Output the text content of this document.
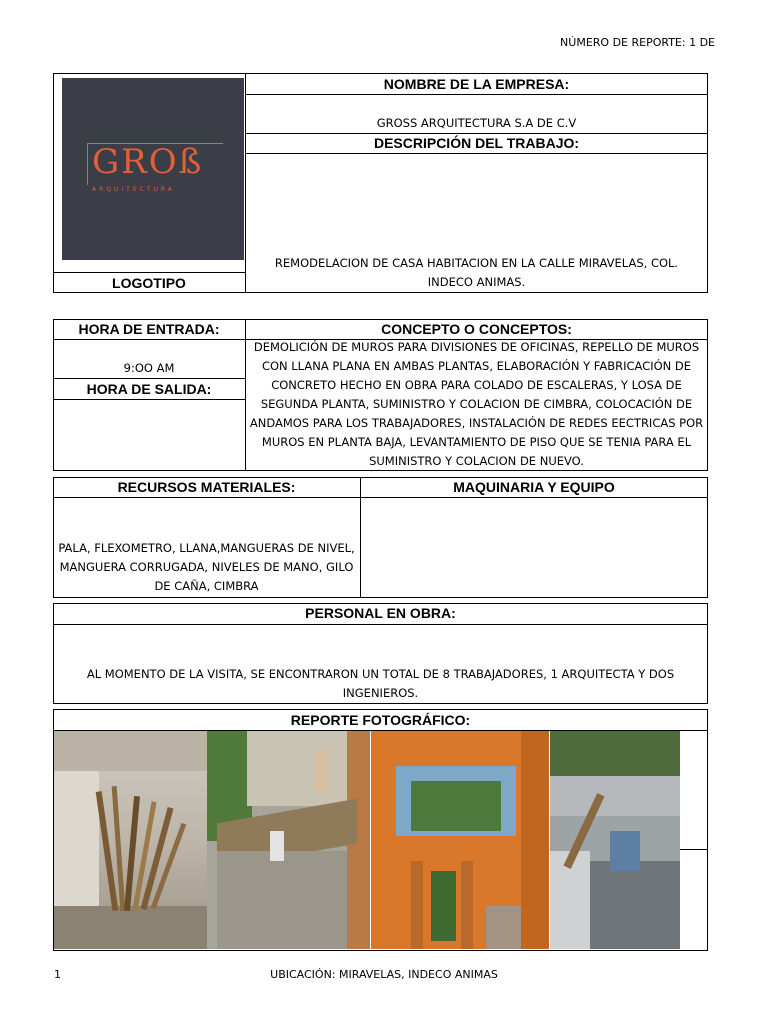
NÚMERO DE REPORTE: 1 DE
GROß
ARQUITECTURA
LOGOTIPO
NOMBRE DE LA EMPRESA:
GROSS ARQUITECTURA S.A DE C.V
DESCRIPCIÓN DEL TRABAJO:
REMODELACION DE CASA HABITACION EN LA CALLE MIRAVELAS, COL. INDECO ANIMAS.
HORA DE ENTRADA:
9:OO AM
HORA DE SALIDA:
CONCEPTO O CONCEPTOS:
DEMOLICIÓN DE MUROS PARA DIVISIONES DE OFICINAS, REPELLO DE MUROS CON LLANA PLANA EN AMBAS PLANTAS, ELABORACIÓN Y FABRICACIÓN DE CONCRETO HECHO EN OBRA PARA COLADO DE ESCALERAS, Y LOSA DE SEGUNDA PLANTA, SUMINISTRO Y COLACION DE CIMBRA, COLOCACIÓN DE ANDAMOS PARA LOS TRABAJADORES, INSTALACIÓN DE REDES EECTRICAS POR MUROS EN PLANTA BAJA, LEVANTAMIENTO DE PISO QUE SE TENIA PARA EL SUMINISTRO Y COLACION DE NUEVO.
RECURSOS MATERIALES:
PALA, FLEXOMETRO, LLANA,MANGUERAS DE NIVEL, MANGUERA CORRUGADA, NIVELES DE MANO, GILO DE CAÑA, CIMBRA
MAQUINARIA Y EQUIPO
PERSONAL EN OBRA:
AL MOMENTO DE LA VISITA, SE ENCONTRARON UN TOTAL DE 8 TRABAJADORES, 1 ARQUITECTA Y DOS INGENIEROS.
REPORTE FOTOGRÁFICO:
1	UBICACIÓN: MIRAVELAS, INDECO ANIMAS
